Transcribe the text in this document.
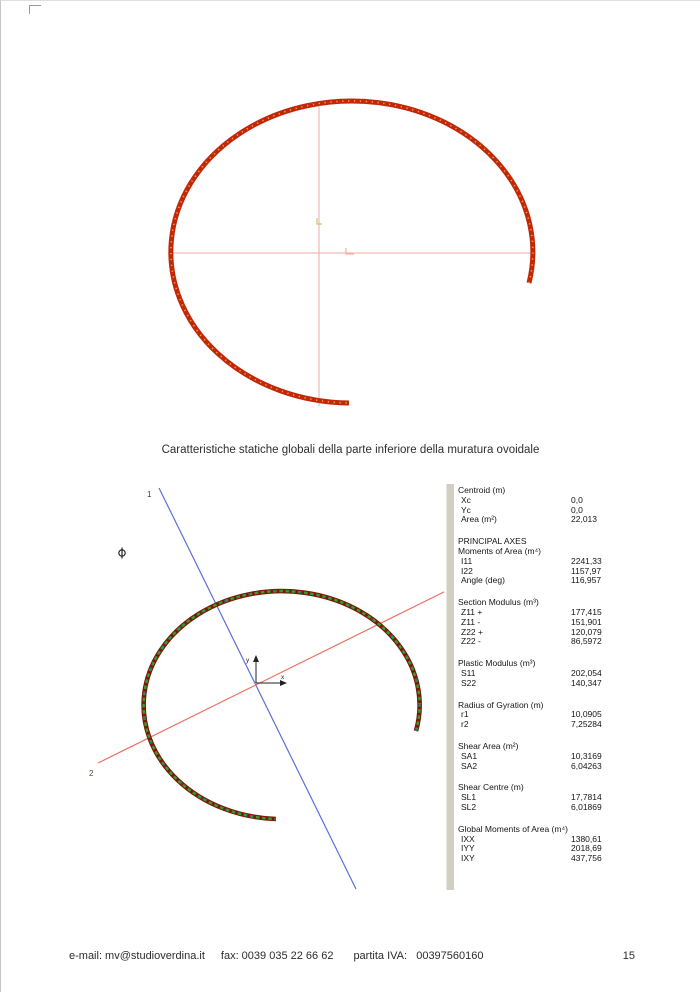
Caratteristiche statiche globali della parte inferiore della muratura ovoidale
1
2
x
y
Centroid (m)
Xc	0,0
Yc	0,0
Area (m²)	22,013
PRINCIPAL AXES
Moments of Area (m⁴)
I11	2241,33
I22	1157,97
Angle (deg)	116,957
Section Modulus (m³)
Z11 +	177,415
Z11 -	151,901
Z22 +	120,079
Z22 -	86,5972
Plastic Modulus (m³)
S11	202,054
S22	140,347
Radius of Gyration (m)
r1	10,0905
r2	7,25284
Shear Area (m²)
SA1	10,3169
SA2	6,04263
Shear Centre (m)
SL1	17,7814
SL2	6,01869
Global Moments of Area (m⁴)
IXX	1380,61
IYY	2018,69
IXY	437,756
e-mail: mv@studioverdina.it fax: 0039 035 22 66 62 partita IVA:   00397560160	15
